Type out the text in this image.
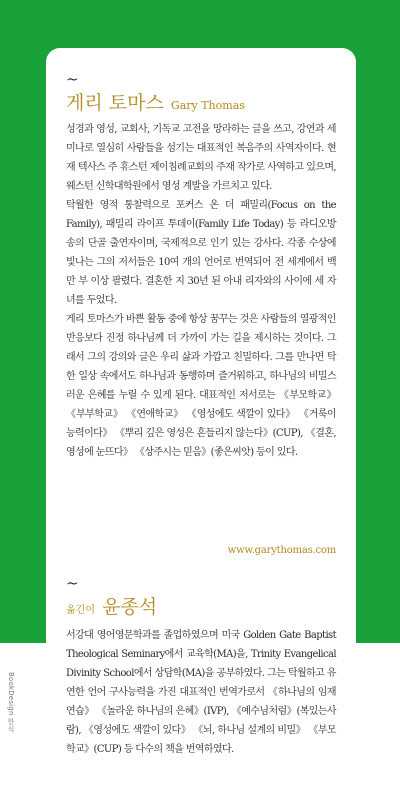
~
게리 토마스 Gary Thomas
성경과 영성, 교회사, 기독교 고전을 망라하는 글을 쓰고, 강연과 세미나로 열심히 사람들을 섬기는 대표적인 복음주의 사역자이다. 현재 텍사스 주 휴스턴 제이침례교회의 주재 작가로 사역하고 있으며, 웨스턴 신학대학원에서 영성 계발을 가르치고 있다.
탁월한 영적 통찰력으로 포커스 온 더 패밀리(Focus on the Family), 패밀리 라이프 투데이(Family Life Today) 등 라디오방송의 단골 출연자이며, 국제적으로 인기 있는 강사다. 각종 수상에 빛나는 그의 저서들은 10여 개의 언어로 번역되어 전 세계에서 백만 부 이상 팔렸다. 결혼한 지 30년 된 아내 리자와의 사이에 세 자녀를 두었다.
게리 토마스가 바쁜 활동 중에 항상 꿈꾸는 것은 사람들의 열광적인 반응보다 진정 하나님께 더 가까이 가는 길을 제시하는 것이다. 그래서 그의 강의와 글은 우리 삶과 가깝고 친밀하다. 그를 만나면 탁한 일상 속에서도 하나님과 동행하며 즐거워하고, 하나님의 비밀스러운 은혜를 누릴 수 있게 된다. 대표적인 저서로는 《부모학교》 《부부학교》 《연애학교》 《영성에도 색깔이 있다》 《거룩이 능력이다》 《뿌리 깊은 영성은 흔들리지 않는다》(CUP), 《결혼, 영성에 눈뜨다》 《상주시는 믿음》(좋은씨앗) 등이 있다.
www.garythomas.com
~
옮긴이 윤종석
서강대 영어영문학과를 졸업하였으며 미국 Golden Gate Baptist Theological Seminary에서 교육학(MA)을, Trinity Evangelical Divinity School에서 상담학(MA)을 공부하였다. 그는 탁월하고 유연한 언어 구사능력을 가진 대표적인 번역가로서 《하나님의 임재 연습》 《놀라운 하나님의 은혜》(IVP), 《예수님처럼》(복있는사람), 《영성에도 색깔이 있다》 《뇌, 하나님 설계의 비밀》 《부모학교》(CUP) 등 다수의 책을 번역하였다.
BookDesign 한식
